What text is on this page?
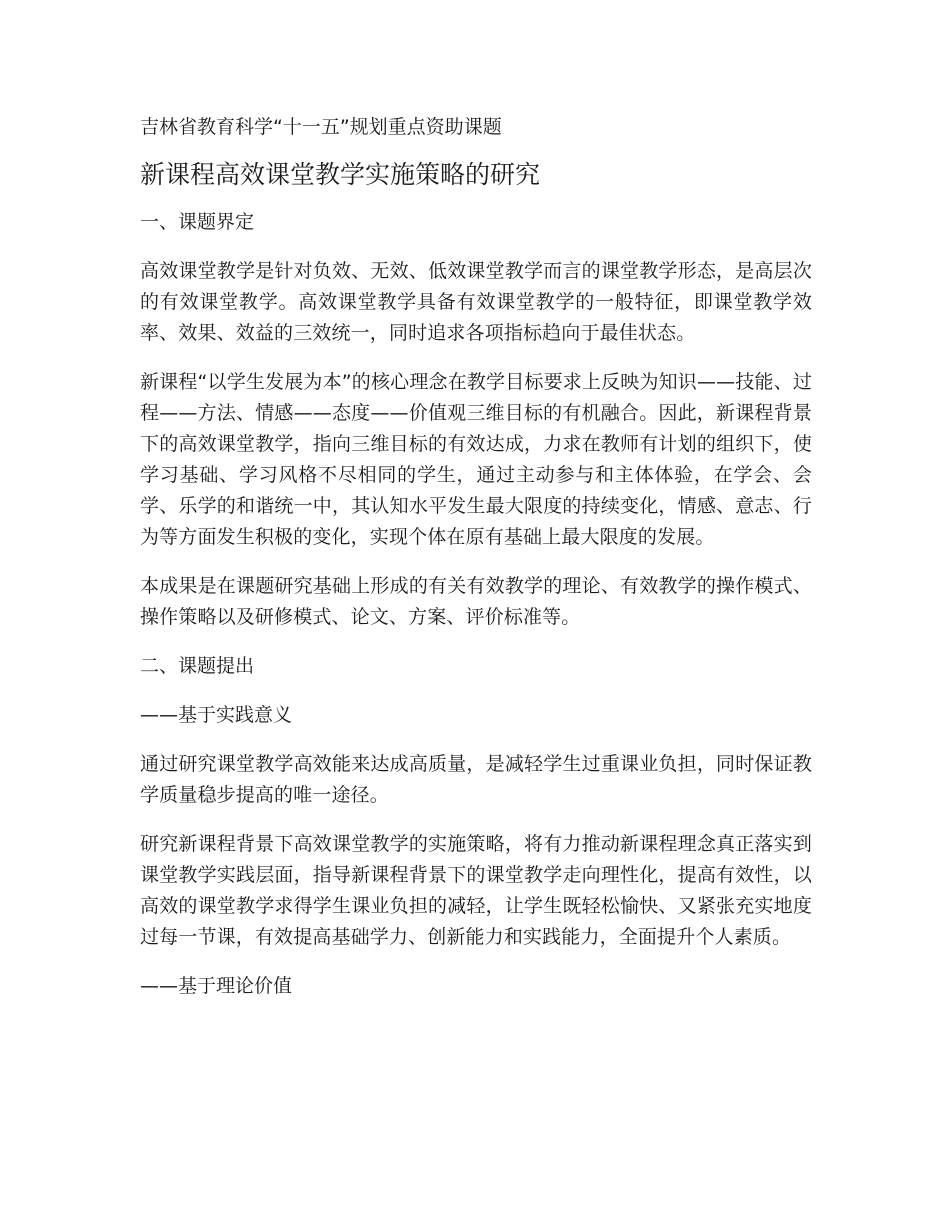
吉林省教育科学“十一五”规划重点资助课题
新课程高效课堂教学实施策略的研究
一、课题界定

高效课堂教学是针对负效、无效、低效课堂教学而言的课堂教学形态，是高层次的有效课堂教学。高效课堂教学具备有效课堂教学的一般特征，即课堂教学效率、效果、效益的三效统一，同时追求各项指标趋向于最佳状态。

新课程“以学生发展为本”的核心理念在教学目标要求上反映为知识——技能、过程——方法、情感——态度——价值观三维目标的有机融合。因此，新课程背景下的高效课堂教学，指向三维目标的有效达成，力求在教师有计划的组织下，使学习基础、学习风格不尽相同的学生，通过主动参与和主体体验，在学会、会学、乐学的和谐统一中，其认知水平发生最大限度的持续变化，情感、意志、行为等方面发生积极的变化，实现个体在原有基础上最大限度的发展。

本成果是在课题研究基础上形成的有关有效教学的理论、有效教学的操作模式、操作策略以及研修模式、论文、方案、评价标准等。

二、课题提出
——基于实践意义

通过研究课堂教学高效能来达成高质量，是减轻学生过重课业负担，同时保证教学质量稳步提高的唯一途径。

研究新课程背景下高效课堂教学的实施策略，将有力推动新课程理念真正落实到课堂教学实践层面，指导新课程背景下的课堂教学走向理性化，提高有效性，以高效的课堂教学求得学生课业负担的减轻，让学生既轻松愉快、又紧张充实地度过每一节课，有效提高基础学力、创新能力和实践能力，全面提升个人素质。

——基于理论价值
